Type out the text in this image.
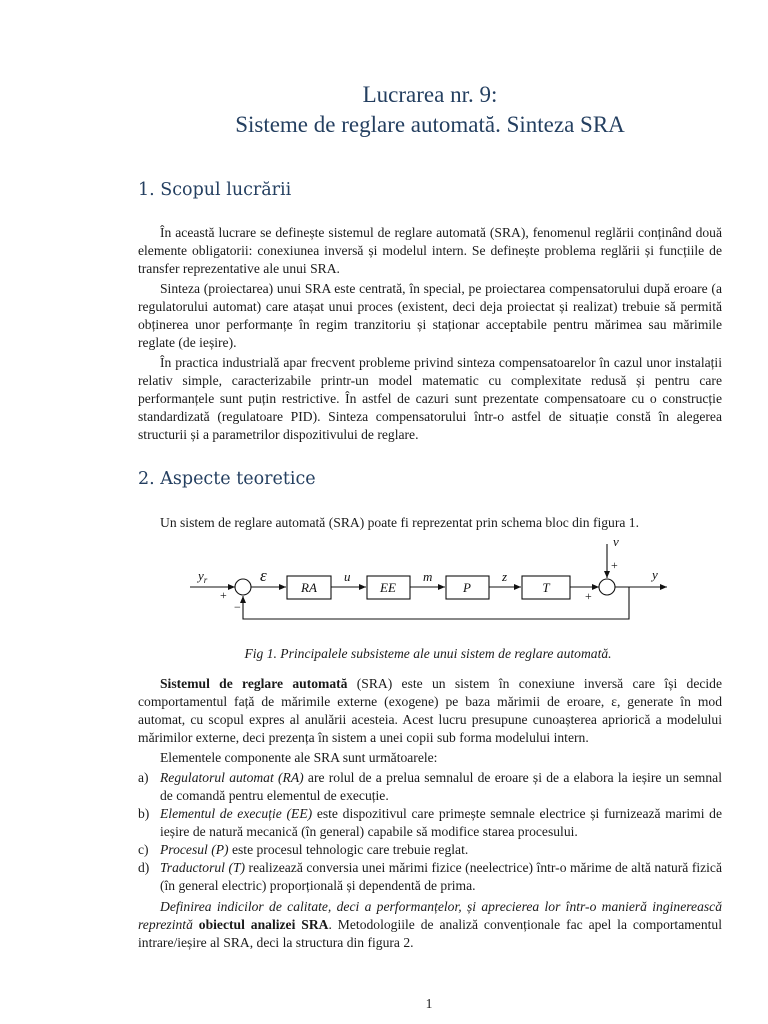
Lucrarea nr. 9:
Sisteme de reglare automată. Sinteza SRA
1. Scopul lucrării
În această lucrare se definește sistemul de reglare automată (SRA), fenomenul reglării conținând două elemente obligatorii: conexiunea inversă și modelul intern. Se definește problema reglării și funcțiile de transfer reprezentative ale unui SRA.
Sinteza (proiectarea) unui SRA este centrată, în special, pe proiectarea compensatorului după eroare (a regulatorului automat) care atașat unui proces (existent, deci deja proiectat și realizat) trebuie să permită obținerea unor performanțe în regim tranzitoriu și staționar acceptabile pentru mărimea sau mărimile reglate (de ieșire).
În practica industrială apar frecvent probleme privind sinteza compensatoarelor în cazul unor instalații relativ simple, caracterizabile printr-un model matematic cu complexitate redusă și pentru care performanțele sunt puțin restrictive. În astfel de cazuri sunt prezentate compensatoare cu o construcție standardizată (regulatoare PID). Sinteza compensatorului într-o astfel de situație constă în alegerea structurii și a parametrilor dispozitivului de reglare.
2. Aspecte teoretice
Un sistem de reglare automată (SRA) poate fi reprezentat prin schema bloc din figura 1.
RA	EE	P	T
$y_r$	ε	u	m	z
v
y
+
−
+
+
Fig 1. Principalele subsisteme ale unui sistem de reglare automată.
Sistemul de reglare automată (SRA) este un sistem în conexiune inversă care își decide comportamentul față de mărimile externe (exogene) pe baza mărimii de eroare, ε, generate în mod automat, cu scopul expres al anulării acesteia. Acest lucru presupune cunoașterea apriorică a modelului mărimilor externe, deci prezența în sistem a unei copii sub forma modelului intern.
Elementele componente ale SRA sunt următoarele:
a) Regulatorul automat (RA) are rolul de a prelua semnalul de eroare și de a elabora la ieșire un semnal de comandă pentru elementul de execuție.
b) Elementul de execuție (EE) este dispozitivul care primește semnale electrice și furnizează marimi de ieșire de natură mecanică (în general) capabile să modifice starea procesului.
c) Procesul (P) este procesul tehnologic care trebuie reglat.
d) Traductorul (T) realizează conversia unei mărimi fizice (neelectrice) într-o mărime de altă natură fizică (în general electric) proporțională și dependentă de prima.
Definirea indicilor de calitate, deci a performanțelor, și aprecierea lor într-o manieră inginerească reprezintă obiectul analizei SRA. Metodologiile de analiză convenționale fac apel la comportamentul intrare/ieșire al SRA, deci la structura din figura 2.
1
